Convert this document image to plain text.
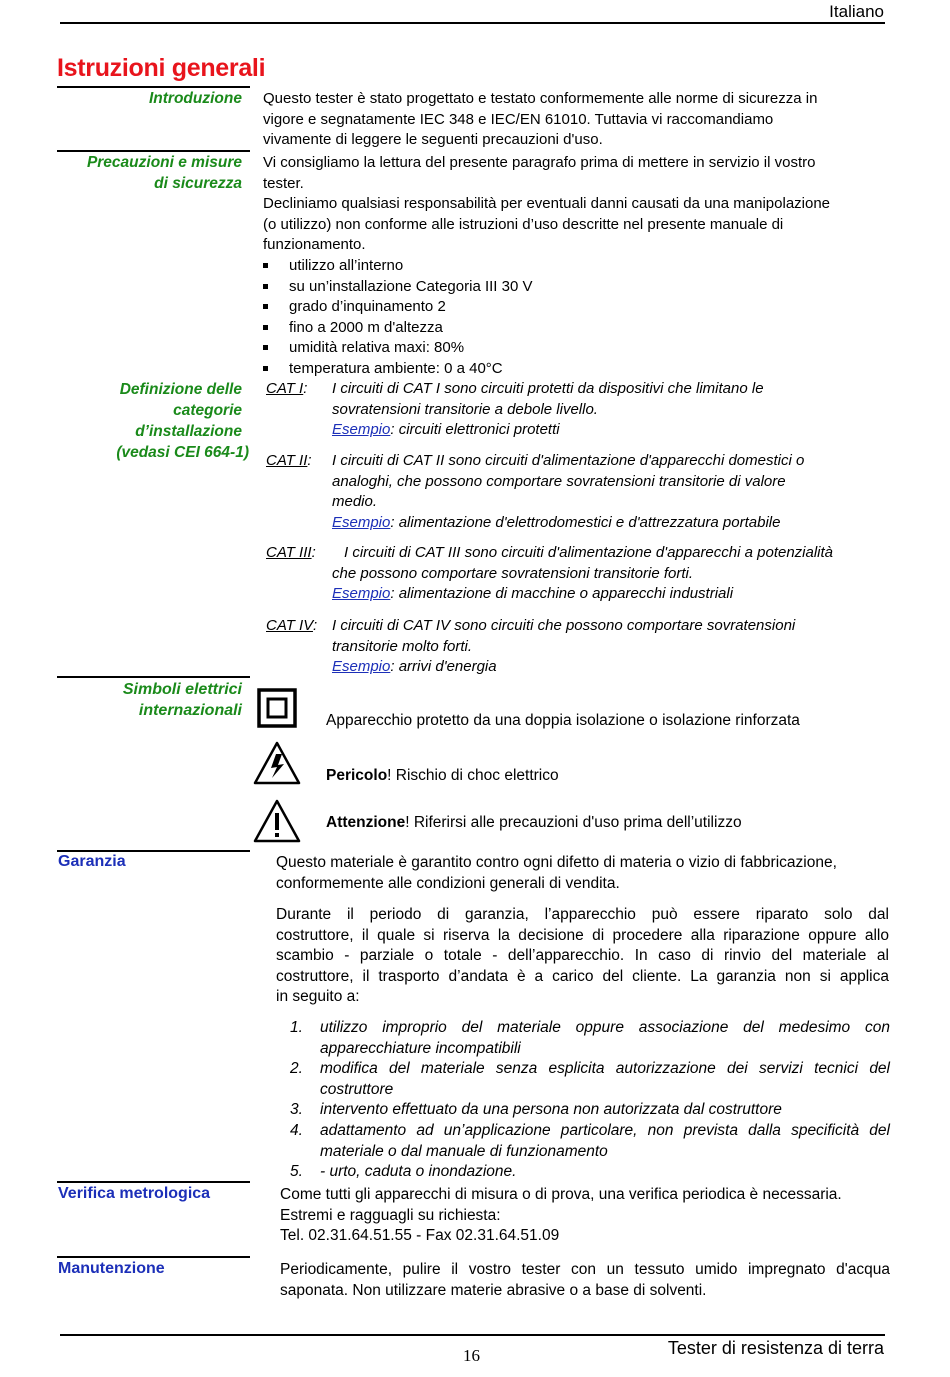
Italiano
Istruzioni generali
Introduzione Questo tester è stato progettato e testato conformemente alle norme di sicurezza in
vigore e segnatamente IEC 348 e IEC/EN 61010. Tuttavia vi raccomandiamo
vivamente di leggere le seguenti precauzioni d'uso.
Precauzioni e misure
di sicurezza
Vi consigliamo la lettura del presente paragrafo prima di mettere in servizio il vostro
tester.
Decliniamo qualsiasi responsabilità per eventuali danni causati da una manipolazione
(o utilizzo) non conforme alle istruzioni d’uso descritte nel presente manuale di
funzionamento.
utilizzo all’interno
su un’installazione Categoria III 30 V
grado d’inquinamento 2
fino a 2000 m d'altezza
umidità relativa maxi: 80%
temperatura ambiente: 0 a 40°C
Definizione delle
categorie
d’installazione
(vedasi CEI 664-1)
CAT I: I circuiti di CAT I sono circuiti protetti da dispositivi che limitano le
sovratensioni transitorie a debole livello.
Esempio: circuiti elettronici protetti
CAT II: I circuiti di CAT II sono circuiti d'alimentazione d'apparecchi domestici o
analoghi, che possono comportare sovratensioni transitorie di valore
medio.
Esempio: alimentazione d'elettrodomestici e d'attrezzatura portabile
CAT III: I circuiti di CAT III sono circuiti d'alimentazione d'apparecchi a potenzialità
che possono comportare sovratensioni transitorie forti.
Esempio: alimentazione di macchine o apparecchi industriali
CAT IV: I circuiti di CAT IV sono circuiti che possono comportare sovratensioni
transitorie molto forti.
Esempio: arrivi d'energia
Simboli elettrici
internazionali
Apparecchio protetto da una doppia isolazione o isolazione rinforzata
Pericolo! Rischio di choc elettrico
Attenzione! Riferirsi alle precauzioni d'uso prima dell’utilizzo
Garanzia	Questo materiale è garantito contro ogni difetto di materia o vizio di fabbricazione,
conformemente alle condizioni generali di vendita.
Durante il periodo di garanzia, l’apparecchio può essere riparato solo dal
costruttore, il quale si riserva la decisione di procedere alla riparazione oppure allo
scambio - parziale o totale - dell’apparecchio. In caso di rinvio del materiale al
costruttore, il trasporto d’andata è a carico del cliente. La garanzia non si applica
in seguito a:
1.	utilizzo improprio del materiale oppure associazione del medesimo con
apparecchiature incompatibili
2.	modifica del materiale senza esplicita autorizzazione dei servizi tecnici del
costruttore
3.	intervento effettuato da una persona non autorizzata dal costruttore
4.	adattamento ad un’applicazione particolare, non prevista dalla specificità del
materiale o dal manuale di funzionamento
5.	- urto, caduta o inondazione.
Verifica metrologica	Come tutti gli apparecchi di misura o di prova, una verifica periodica è necessaria.
Estremi e ragguagli su richiesta:
Tel. 02.31.64.51.55 - Fax 02.31.64.51.09
Manutenzione	Periodicamente, pulire il vostro tester con un tessuto umido impregnato d'acqua
saponata. Non utilizzare materie abrasive o a base di solventi.
16	Tester di resistenza di terra
